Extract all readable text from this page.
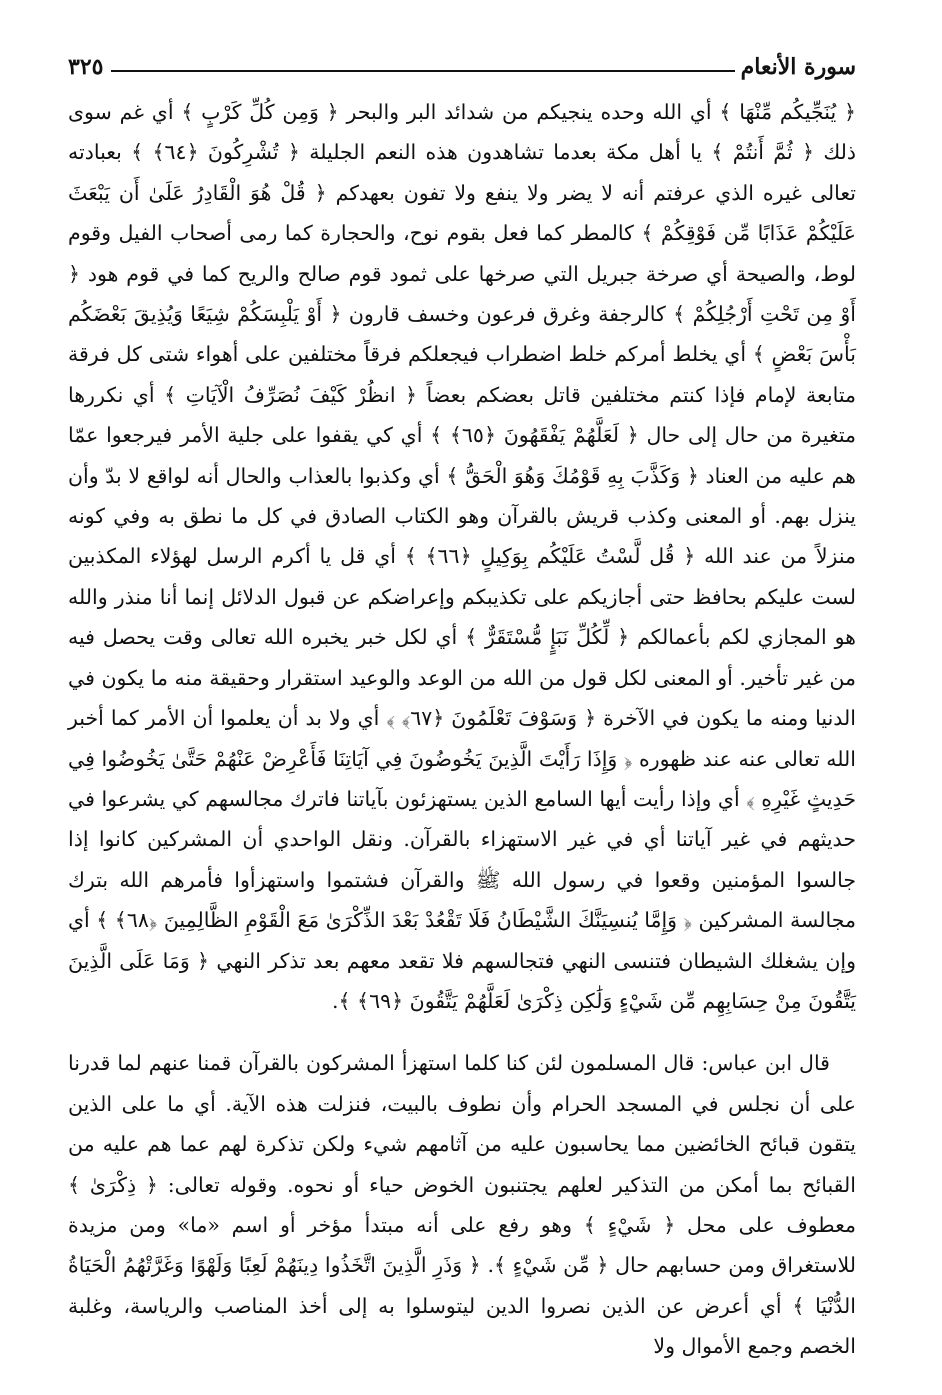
سورة الأنعام
٣٢٥

﴿ يُنَجِّيكُم مِّنْهَا ﴾ أي الله وحده ينجيكم من شدائد البر والبحر ﴿ وَمِن كُلِّ كَرْبٍ ﴾ أي غم سوى ذلك ﴿ ثُمَّ أَنتُمْ ﴾ يا أهل مكة بعدما تشاهدون هذه النعم الجليلة ﴿ تُشْرِكُونَ ﴿٦٤﴾ ﴾ بعبادته تعالى غيره الذي عرفتم أنه لا يضر ولا ينفع ولا تفون بعهدكم ﴿ قُلْ هُوَ الْقَادِرُ عَلَىٰ أَن يَبْعَثَ عَلَيْكُمْ عَذَابًا مِّن فَوْقِكُمْ ﴾ كالمطر كما فعل بقوم نوح، والحجارة كما رمى أصحاب الفيل وقوم لوط، والصيحة أي صرخة جبريل التي صرخها على ثمود قوم صالح والريح كما في قوم هود ﴿ أَوْ مِن تَحْتِ أَرْجُلِكُمْ ﴾ كالرجفة وغرق فرعون وخسف قارون ﴿ أَوْ يَلْبِسَكُمْ شِيَعًا وَيُذِيقَ بَعْضَكُم بَأْسَ بَعْضٍ ﴾ أي يخلط أمركم خلط اضطراب فيجعلكم فرقاً مختلفين على أهواء شتى كل فرقة متابعة لإمام فإذا كنتم مختلفين قاتل بعضكم بعضاً ﴿ انظُرْ كَيْفَ نُصَرِّفُ الْآيَاتِ ﴾ أي نكررها متغيرة من حال إلى حال ﴿ لَعَلَّهُمْ يَفْقَهُونَ ﴿٦٥﴾ ﴾ أي كي يقفوا على جلية الأمر فيرجعوا عمّا هم عليه من العناد ﴿ وَكَذَّبَ بِهِ قَوْمُكَ وَهُوَ الْحَقُّ ﴾ أي وكذبوا بالعذاب والحال أنه لواقع لا بدّ وأن ينزل بهم. أو المعنى وكذب قريش بالقرآن وهو الكتاب الصادق في كل ما نطق به وفي كونه منزلاً من عند الله ﴿ قُل لَّسْتُ عَلَيْكُم بِوَكِيلٍ ﴿٦٦﴾ ﴾ أي قل يا أكرم الرسل لهؤلاء المكذبين لست عليكم بحافظ حتى أجازيكم على تكذيبكم وإعراضكم عن قبول الدلائل إنما أنا منذر والله هو المجازي لكم بأعمالكم ﴿ لِّكُلِّ نَبَإٍ مُّسْتَقَرٌّ ﴾ أي لكل خبر يخبره الله تعالى وقت يحصل فيه من غير تأخير. أو المعنى لكل قول من الله من الوعد والوعيد استقرار وحقيقة منه ما يكون في الدنيا ومنه ما يكون في الآخرة ﴿ وَسَوْفَ تَعْلَمُونَ ﴿٦٧﴾ ﴾ أي ولا بد أن يعلموا أن الأمر كما أخبر الله تعالى عنه عند ظهوره ﴿ وَإِذَا رَأَيْتَ الَّذِينَ يَخُوضُونَ فِي آيَاتِنَا فَأَعْرِضْ عَنْهُمْ حَتَّىٰ يَخُوضُوا فِي حَدِيثٍ غَيْرِهِ ﴾ أي وإذا رأيت أيها السامع الذين يستهزئون بآياتنا فاترك مجالسهم كي يشرعوا في حديثهم في غير آياتنا أي في غير الاستهزاء بالقرآن. ونقل الواحدي أن المشركين كانوا إذا جالسوا المؤمنين وقعوا في رسول الله ﷺ والقرآن فشتموا واستهزأوا فأمرهم الله بترك مجالسة المشركين ﴿ وَإِمَّا يُنسِيَنَّكَ الشَّيْطَانُ فَلَا تَقْعُدْ بَعْدَ الذِّكْرَىٰ مَعَ الْقَوْمِ الظَّالِمِينَ ﴿٦٨﴾ ﴾ أي وإن يشغلك الشيطان فتنسى النهي فتجالسهم فلا تقعد معهم بعد تذكر النهي ﴿ وَمَا عَلَى الَّذِينَ يَتَّقُونَ مِنْ حِسَابِهِم مِّن شَيْءٍ وَلَٰكِن ذِكْرَىٰ لَعَلَّهُمْ يَتَّقُونَ ﴿٦٩﴾ ﴾.

قال ابن عباس: قال المسلمون لئن كنا كلما استهزأ المشركون بالقرآن قمنا عنهم لما قدرنا على أن نجلس في المسجد الحرام وأن نطوف بالبيت، فنزلت هذه الآية. أي ما على الذين يتقون قبائح الخائضين مما يحاسبون عليه من آثامهم شيء ولكن تذكرة لهم عما هم عليه من القبائح بما أمكن من التذكير لعلهم يجتنبون الخوض حياء أو نحوه. وقوله تعالى: ﴿ ذِكْرَىٰ ﴾ معطوف على محل ﴿ شَيْءٍ ﴾ وهو رفع على أنه مبتدأ مؤخر أو اسم «ما» ومن مزيدة للاستغراق ومن حسابهم حال ﴿ مِّن شَيْءٍ ﴾. ﴿ وَذَرِ الَّذِينَ اتَّخَذُوا دِينَهُمْ لَعِبًا وَلَهْوًا وَغَرَّتْهُمُ الْحَيَاةُ الدُّنْيَا ﴾ أي أعرض عن الذين نصروا الدين ليتوسلوا به إلى أخذ المناصب والرياسة، وغلبة الخصم وجمع الأموال ولا
